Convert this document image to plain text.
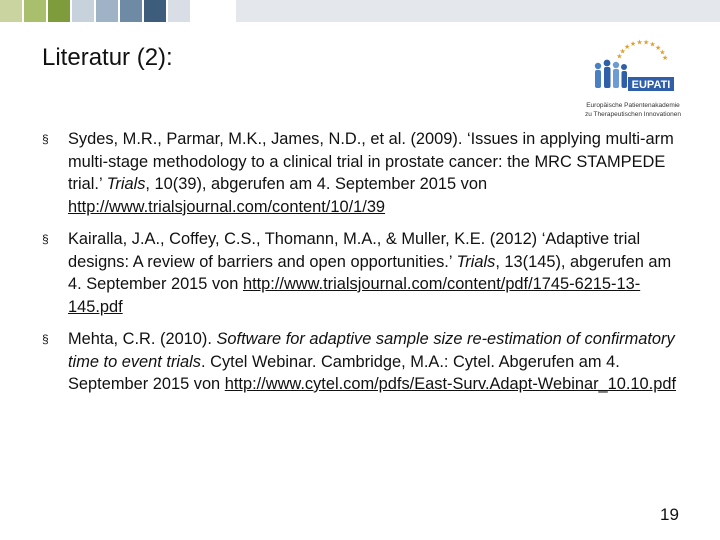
Literatur (2):	★
★
★ ★ ★ ★ ★ ★
★
★
EUPATI
Europäische Patientenakademie
zu Therapeutischen Innovationen
§ Sydes, M.R., Parmar, M.K., James, N.D., et al. (2009). ‘Issues in applying multi-arm multi-stage methodology to a clinical trial in prostate cancer: the MRC STAMPEDE trial.’ Trials, 10(39), abgerufen am 4. September 2015 von http://www.trialsjournal.com/content/10/1/39
§ Kairalla, J.A., Coffey, C.S., Thomann, M.A., & Muller, K.E. (2012) ‘Adaptive trial designs: A review of barriers and open opportunities.’ Trials, 13(145), abgerufen am 4. September 2015 von http://www.trialsjournal.com/content/pdf/1745-6215-13-145.pdf
§ Mehta, C.R. (2010). Software for adaptive sample size re-estimation of confirmatory time to event trials. Cytel Webinar. Cambridge, M.A.: Cytel. Abgerufen am 4. September 2015 von http://www.cytel.com/pdfs/East-Surv.Adapt-Webinar_10.10.pdf
19
